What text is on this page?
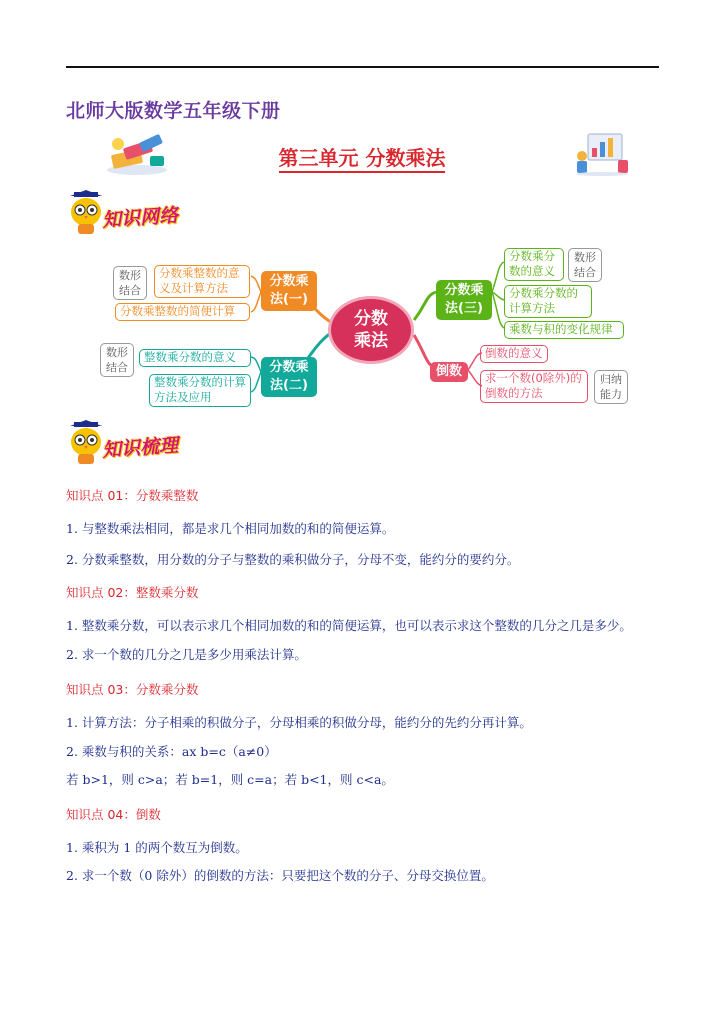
北师大版数学五年级下册
第三单元 分数乘法
知识网络
分数乘法
分数乘法(一)
数形结合
分数乘整数的意义及计算方法
分数乘整数的简便计算
分数乘法(二)
数形结合
整数乘分数的意义
整数乘分数的计算方法及应用
分数乘法(三)
分数乘分数的意义
数形结合
分数乘分数的计算方法
乘数与积的变化规律
倒数
倒数的意义
求一个数(0除外)的倒数的方法
归纳能力
知识梳理
知识点 01：分数乘整数
1. 与整数乘法相同，都是求几个相同加数的和的简便运算。
2. 分数乘整数，用分数的分子与整数的乘积做分子，分母不变，能约分的要约分。
知识点 02：整数乘分数
1. 整数乘分数，可以表示求几个相同加数的和的简便运算，也可以表示求这个整数的几分之几是多少。
2. 求一个数的几分之几是多少用乘法计算。
知识点 03：分数乘分数
1. 计算方法：分子相乘的积做分子，分母相乘的积做分母，能约分的先约分再计算。
2. 乘数与积的关系：ax b=c（a≠0）
若 b>1，则 c>a；若 b=1，则 c=a；若 b<1，则 c<a。
知识点 04：倒数
1. 乘积为 1 的两个数互为倒数。
2. 求一个数（0 除外）的倒数的方法：只要把这个数的分子、分母交换位置。
